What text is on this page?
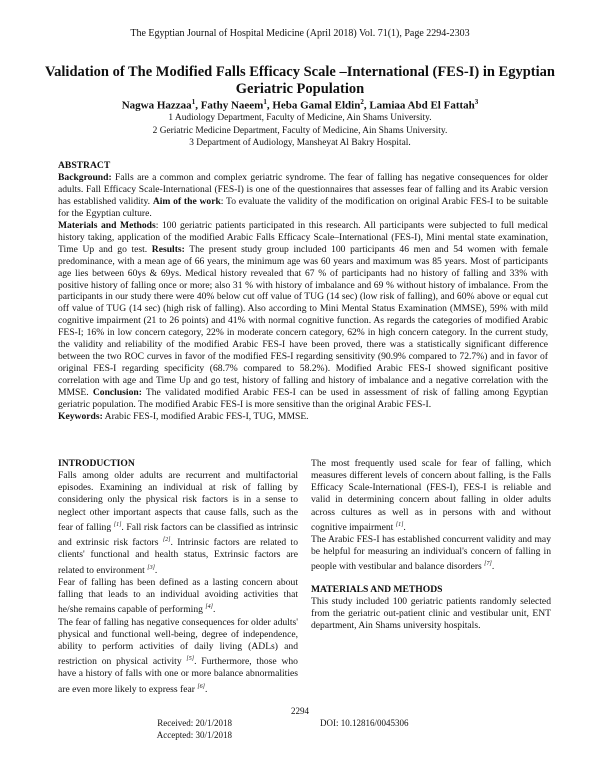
The Egyptian Journal of Hospital Medicine (April 2018) Vol. 71(1), Page 2294-2303
Validation of The Modified Falls Efficacy Scale –International (FES-I) in Egyptian Geriatric Population
Nagwa Hazzaa$^1$, Fathy Naeem$^1$, Heba Gamal Eldin$^2$, Lamiaa Abd El Fattah$^3$
1 Audiology Department, Faculty of Medicine, Ain Shams University.
2 Geriatric Medicine Department, Faculty of Medicine, Ain Shams University.
3 Department of Audiology, Mansheyat Al Bakry Hospital.

ABSTRACT

Background: Falls are a common and complex geriatric syndrome. The fear of falling has negative consequences for older adults. Fall Efficacy Scale-International (FES-I) is one of the questionnaires that assesses fear of falling and its Arabic version has established validity. Aim of the work: To evaluate the validity of the modification on original Arabic FES-I to be suitable for the Egyptian culture.

Materials and Methods: 100 geriatric patients participated in this research. All participants were subjected to full medical history taking, application of the modified Arabic Falls Efficacy Scale–International (FES-I), Mini mental state examination, Time Up and go test. Results: The present study group included 100 participants 46 men and 54 women with female predominance, with a mean age of 66 years, the minimum age was 60 years and maximum was 85 years. Most of participants age lies between 60ys & 69ys. Medical history revealed that 67 % of participants had no history of falling and 33% with positive history of falling once or more; also 31 % with history of imbalance and 69 % without history of imbalance. From the participants in our study there were 40% below cut off value of TUG (14 sec) (low risk of falling), and 60% above or equal cut off value of TUG (14 sec) (high risk of falling). Also according to Mini Mental Status Examination (MMSE), 59% with mild cognitive impairment (21 to 26 points) and 41% with normal cognitive function. As regards the categories of modified Arabic FES-I; 16% in low concern category, 22% in moderate concern category, 62% in high concern category. In the current study, the validity and reliability of the modified Arabic FES-I have been proved, there was a statistically significant difference between the two ROC curves in favor of the modified FES-I regarding sensitivity (90.9% compared to 72.7%) and in favor of original FES-I regarding specificity (68.7% compared to 58.2%). Modified Arabic FES-I showed significant positive correlation with age and Time Up and go test, history of falling and history of imbalance and a negative correlation with the MMSE. Conclusion: The validated modified Arabic FES-I can be used in assessment of risk of falling among Egyptian geriatric population. The modified Arabic FES-I is more sensitive than the original Arabic FES-I.

Keywords: Arabic FES-I, modified Arabic FES-I, TUG, MMSE.

INTRODUCTION

Falls among older adults are recurrent and multifactorial episodes. Examining an individual at risk of falling by considering only the physical risk factors is in a sense to neglect other important aspects that cause falls, such as the fear of falling [1]. Fall risk factors can be classified as intrinsic and extrinsic risk factors [2]. Intrinsic factors are related to clients' functional and health status, Extrinsic factors are related to environment [3].

Fear of falling has been defined as a lasting concern about falling that leads to an individual avoiding activities that he/she remains capable of performing [4].

The fear of falling has negative consequences for older adults' physical and functional well-being, degree of independence, ability to perform activities of daily living (ADLs) and restriction on physical activity [5]. Furthermore, those who have a history of falls with one or more balance abnormalities are even more likely to express fear [6].

The most frequently used scale for fear of falling, which measures different levels of concern about falling, is the Falls Efficacy Scale-International (FES-I), FES-I is reliable and valid in determining concern about falling in older adults across cultures as well as in persons with and without cognitive impairment [1].

The Arabic FES-I has established concurrent validity and may be helpful for measuring an individual's concern of falling in people with vestibular and balance disorders [7].

MATERIALS AND METHODS

This study included 100 geriatric patients randomly selected from the geriatric out-patient clinic and vestibular unit, ENT department, Ain Shams university hospitals.

2294
Received: 20/1/2018
Accepted: 30/1/2018
DOI: 10.12816/0045306
